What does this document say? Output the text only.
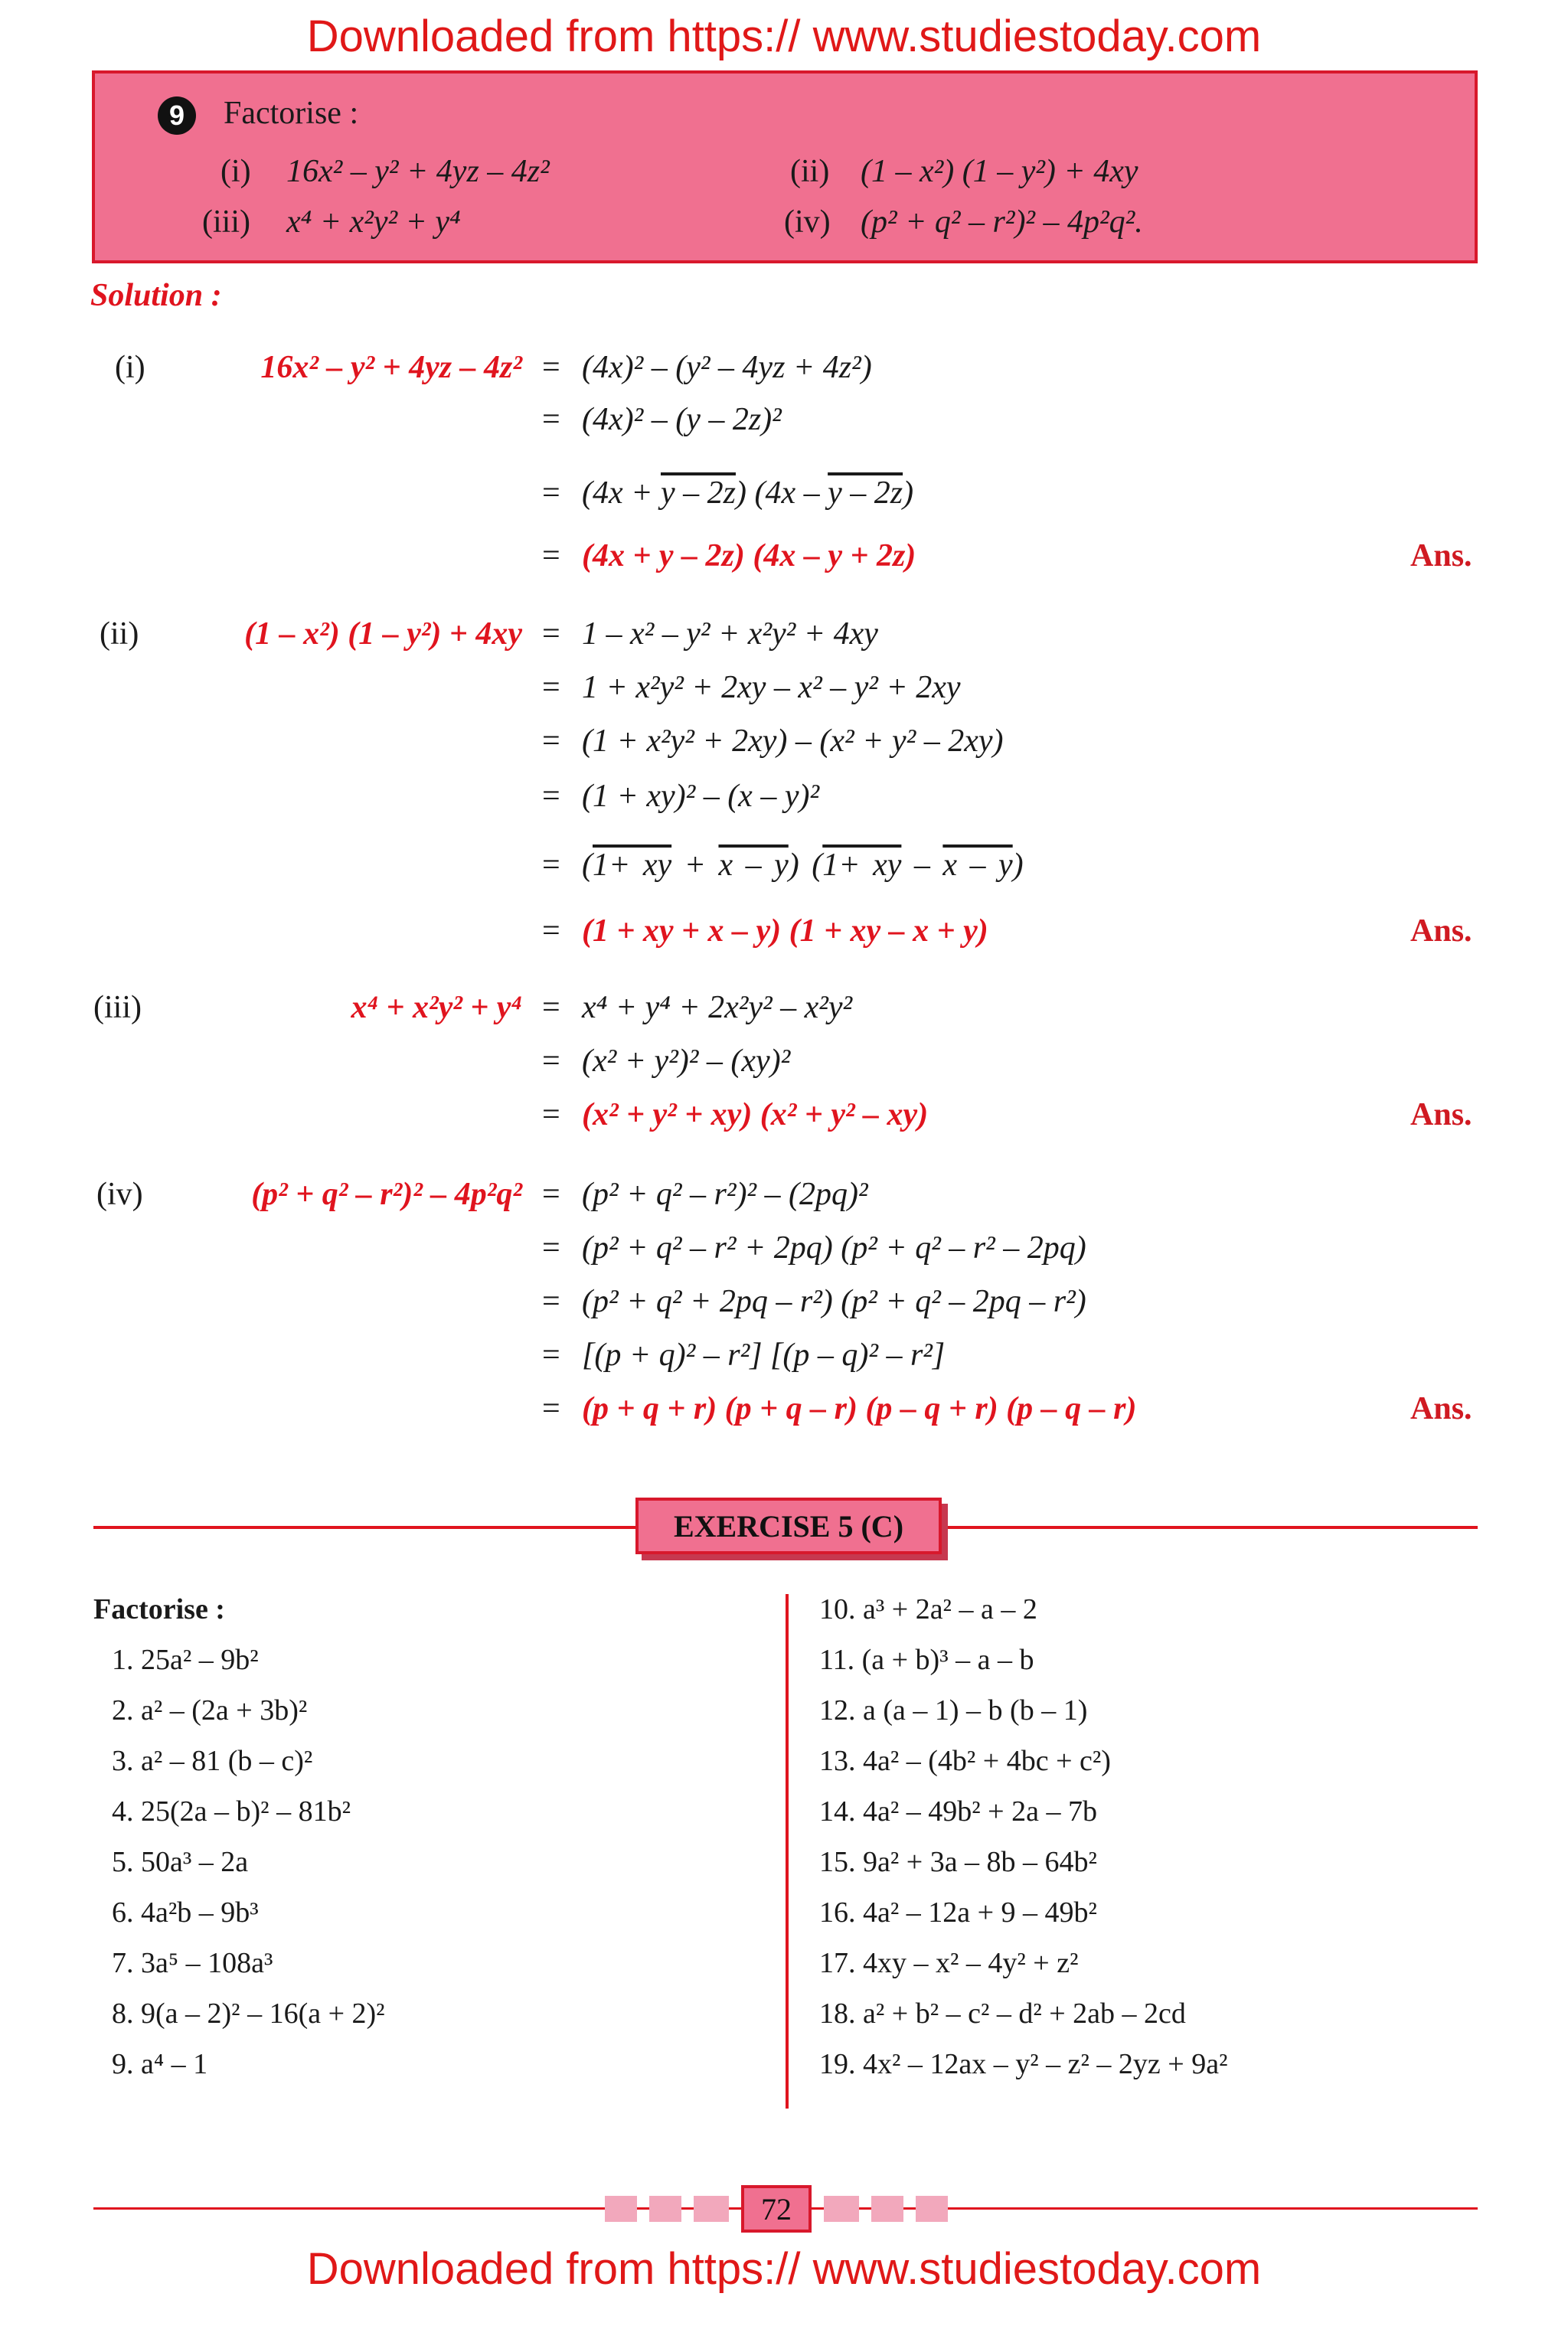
Downloaded from https:// www.studiestoday.com
9	Factorise :
(i) 16x² – y² + 4yz – 4z²	(ii) (1 – x²) (1 – y²) + 4xy
(iii) x⁴ + x²y² + y⁴	(iv) (p² + q² – r²)² – 4p²q².
Solution :
(i)	16x² – y² + 4yz – 4z² = (4x)² – (y² – 4yz + 4z²)
= (4x)² – (y – 2z)²
= (4x + y – 2z) (4x – y – 2z)
= (4x + y – 2z) (4x – y + 2z)	Ans.
(ii)	(1 – x²) (1 – y²) + 4xy = 1 – x² – y² + x²y² + 4xy
= 1 + x²y² + 2xy – x² – y² + 2xy
= (1 + x²y² + 2xy) – (x² + y² – 2xy)
= (1 + xy)² – (x – y)²
= (1+ xy + x – y) (1+ xy – x – y)
= (1 + xy + x – y) (1 + xy – x + y)	Ans.
(iii)	x⁴ + x²y² + y⁴ = x⁴ + y⁴ + 2x²y² – x²y²
= (x² + y²)² – (xy)²
= (x² + y² + xy) (x² + y² – xy)	Ans.
(iv)	(p² + q² – r²)² – 4p²q² = (p² + q² – r²)² – (2pq)²
= (p² + q² – r² + 2pq) (p² + q² – r² – 2pq)
= (p² + q² + 2pq – r²) (p² + q² – 2pq – r²)
= [(p + q)² – r²] [(p – q)² – r²]
= (p + q + r) (p + q – r) (p – q + r) (p – q – r)	Ans.
EXERCISE 5 (C)
Factorise :
1. 25a² – 9b²
2. a² – (2a + 3b)²
3. a² – 81 (b – c)²
4. 25(2a – b)² – 81b²
5. 50a³ – 2a
6. 4a²b – 9b³
7. 3a⁵ – 108a³
8. 9(a – 2)² – 16(a + 2)²
9. a⁴ – 1
10. a³ + 2a² – a – 2
11. (a + b)³ – a – b
12. a (a – 1) – b (b – 1)
13. 4a² – (4b² + 4bc + c²)
14. 4a² – 49b² + 2a – 7b
15. 9a² + 3a – 8b – 64b²
16. 4a² – 12a + 9 – 49b²
17. 4xy – x² – 4y² + z²
18. a² + b² – c² – d² + 2ab – 2cd
19. 4x² – 12ax – y² – z² – 2yz + 9a²
72
Downloaded from https:// www.studiestoday.com
